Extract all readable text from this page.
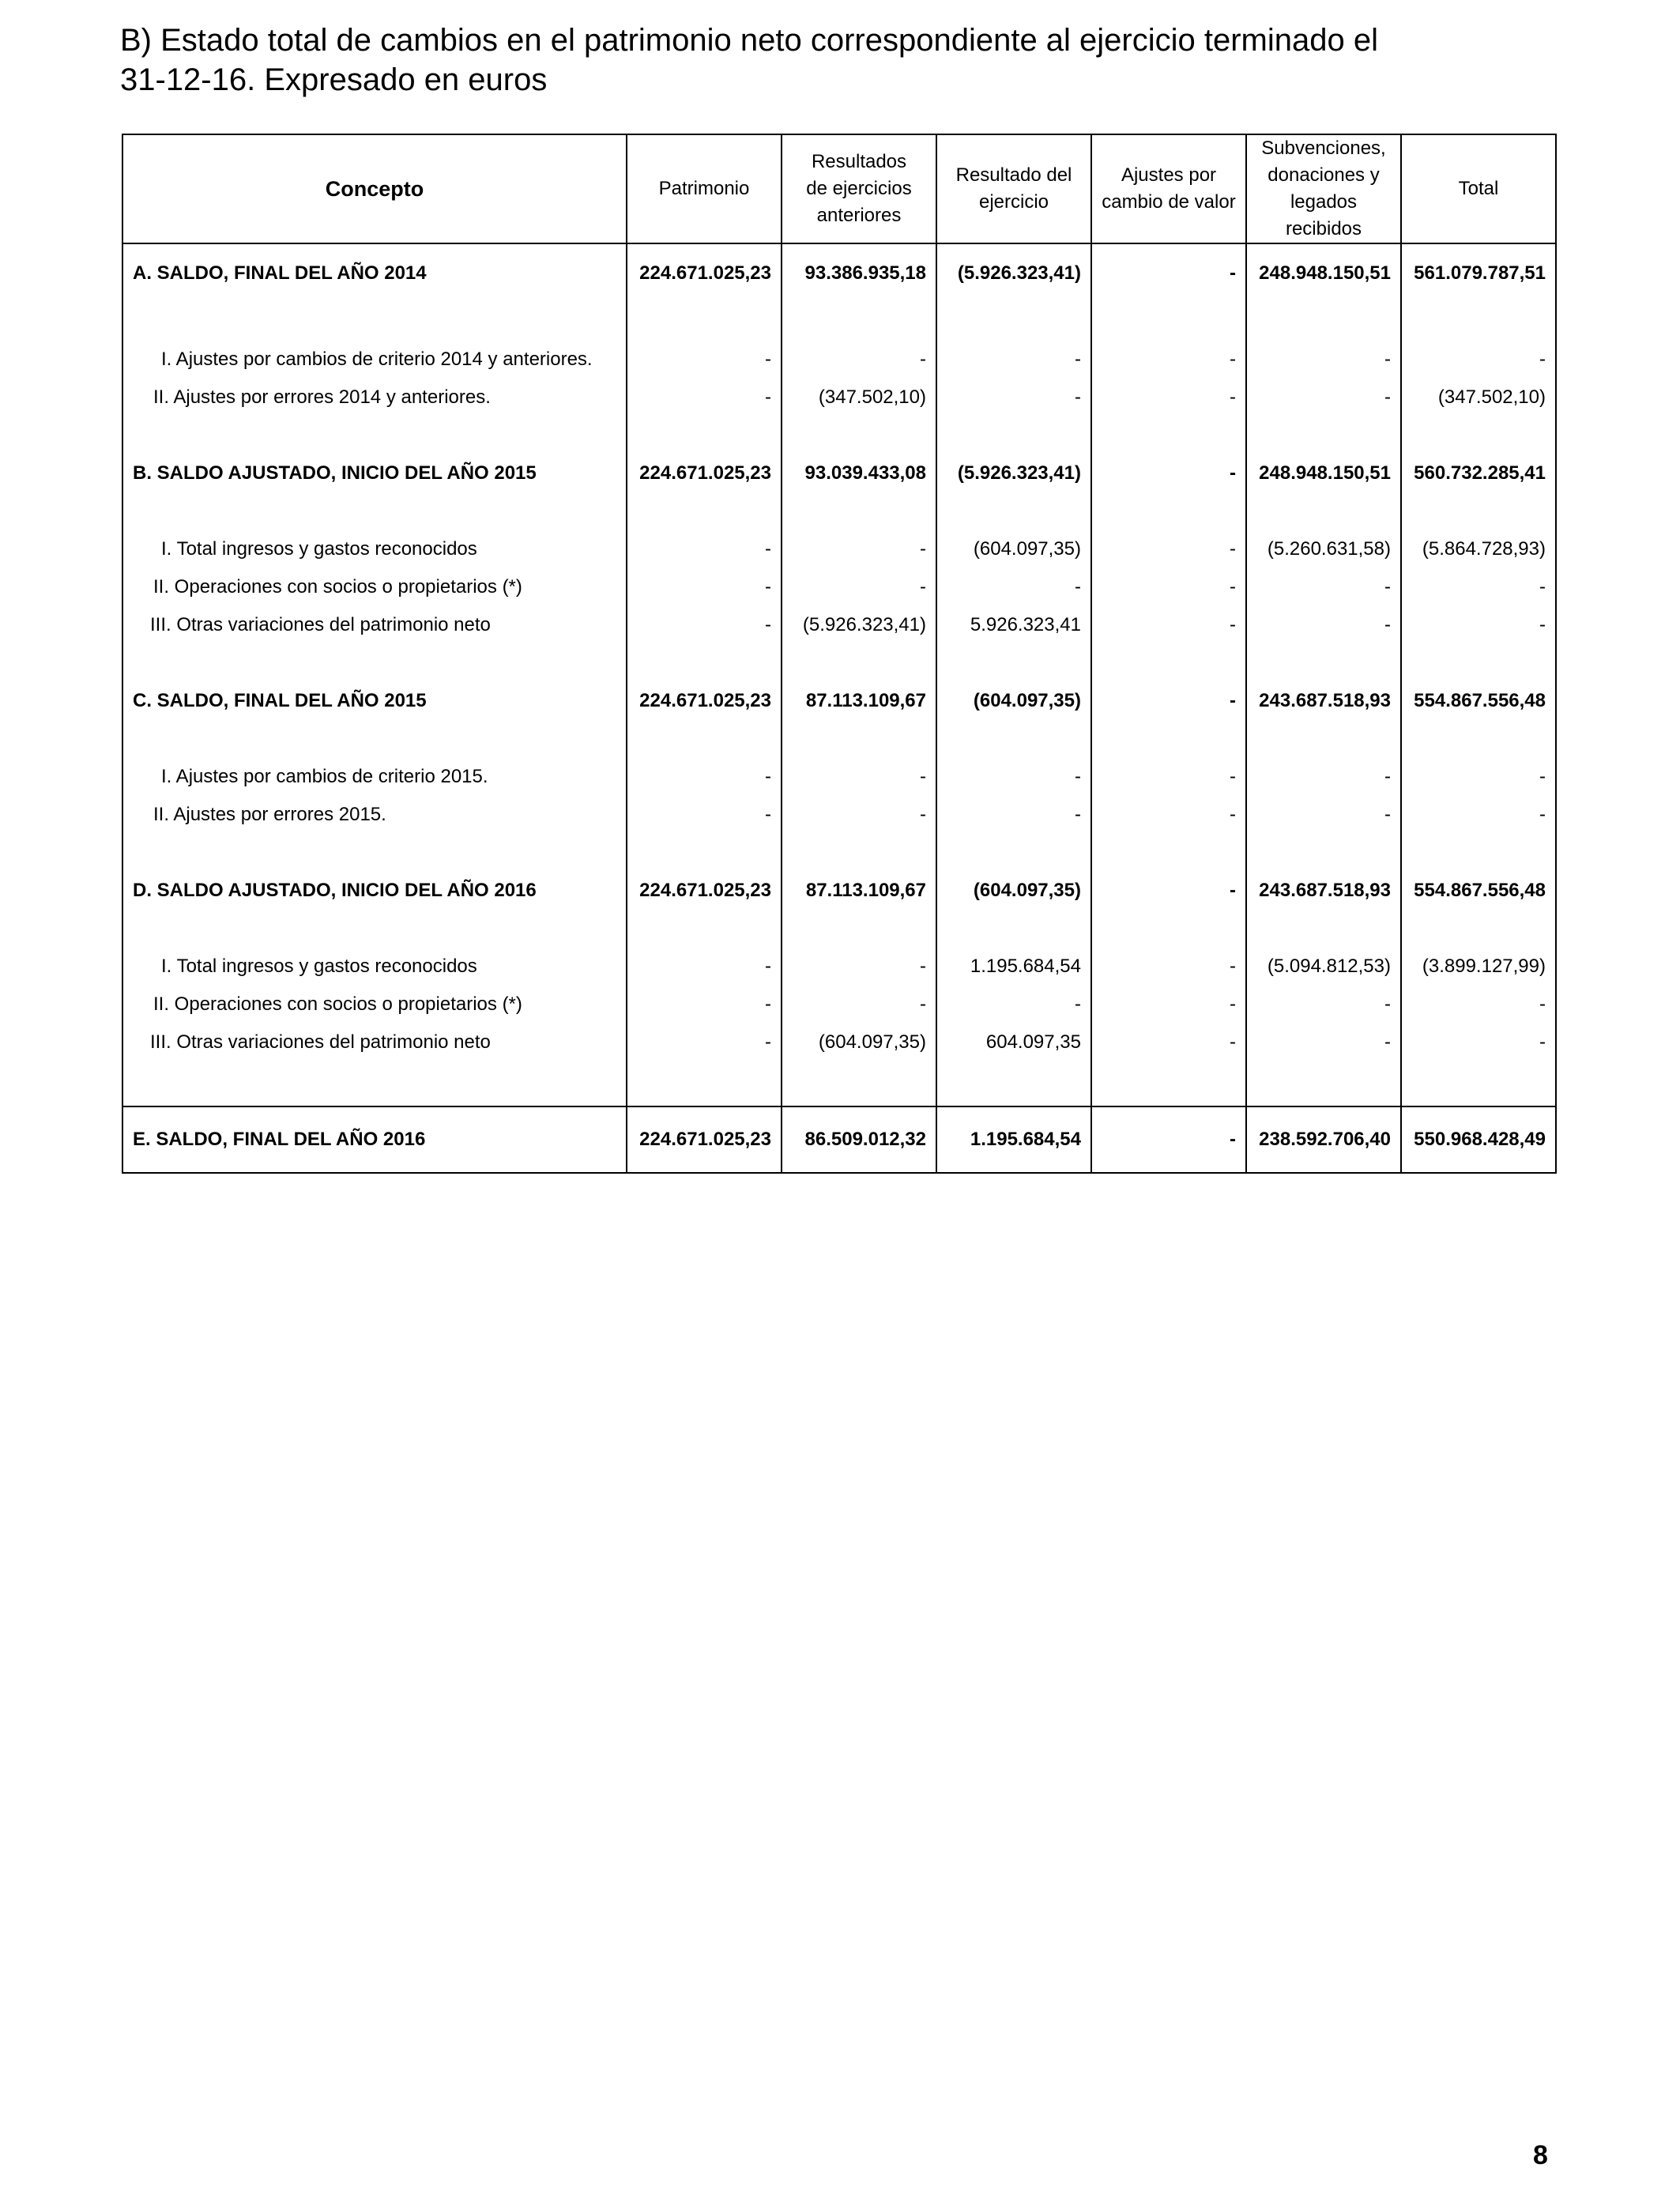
B) Estado total de cambios en el patrimonio neto correspondiente al ejercicio terminado el
31-12-16. Expresado en euros
Concepto	Patrimonio	Resultados
de ejercicios
anteriores	Resultado del
ejercicio	Ajustes por
cambio de valor	Subvenciones,
donaciones y
legados
recibidos	Total
A. SALDO, FINAL DEL AÑO 2014	224.671.025,23	93.386.935,18	(5.926.323,41)	-	248.948.150,51	561.079.787,51

I. Ajustes por cambios de criterio 2014 y anteriores.	-	-	-	-	-	-
II. Ajustes por errores 2014 y anteriores.	-	(347.502,10)	-	-	-	(347.502,10)

B. SALDO AJUSTADO, INICIO DEL AÑO 2015	224.671.025,23	93.039.433,08	(5.926.323,41)	-	248.948.150,51	560.732.285,41

I. Total ingresos y gastos reconocidos	-	-	(604.097,35)	-	(5.260.631,58)	(5.864.728,93)
II. Operaciones con socios o propietarios (*)	-	-	-	-	-	-
III. Otras variaciones del patrimonio neto	-	(5.926.323,41)	5.926.323,41	-	-	-

C. SALDO, FINAL DEL AÑO 2015	224.671.025,23	87.113.109,67	(604.097,35)	-	243.687.518,93	554.867.556,48

I. Ajustes por cambios de criterio 2015.	-	-	-	-	-	-
II. Ajustes por errores 2015.	-	-	-	-	-	-

D. SALDO AJUSTADO, INICIO DEL AÑO 2016	224.671.025,23	87.113.109,67	(604.097,35)	-	243.687.518,93	554.867.556,48

I. Total ingresos y gastos reconocidos	-	-	1.195.684,54	-	(5.094.812,53)	(3.899.127,99)
II. Operaciones con socios o propietarios (*)	-	-	-	-	-	-
III. Otras variaciones del patrimonio neto	-	(604.097,35)	604.097,35	-	-	-

E. SALDO, FINAL DEL AÑO 2016	224.671.025,23	86.509.012,32	1.195.684,54	-	238.592.706,40	550.968.428,49
8
